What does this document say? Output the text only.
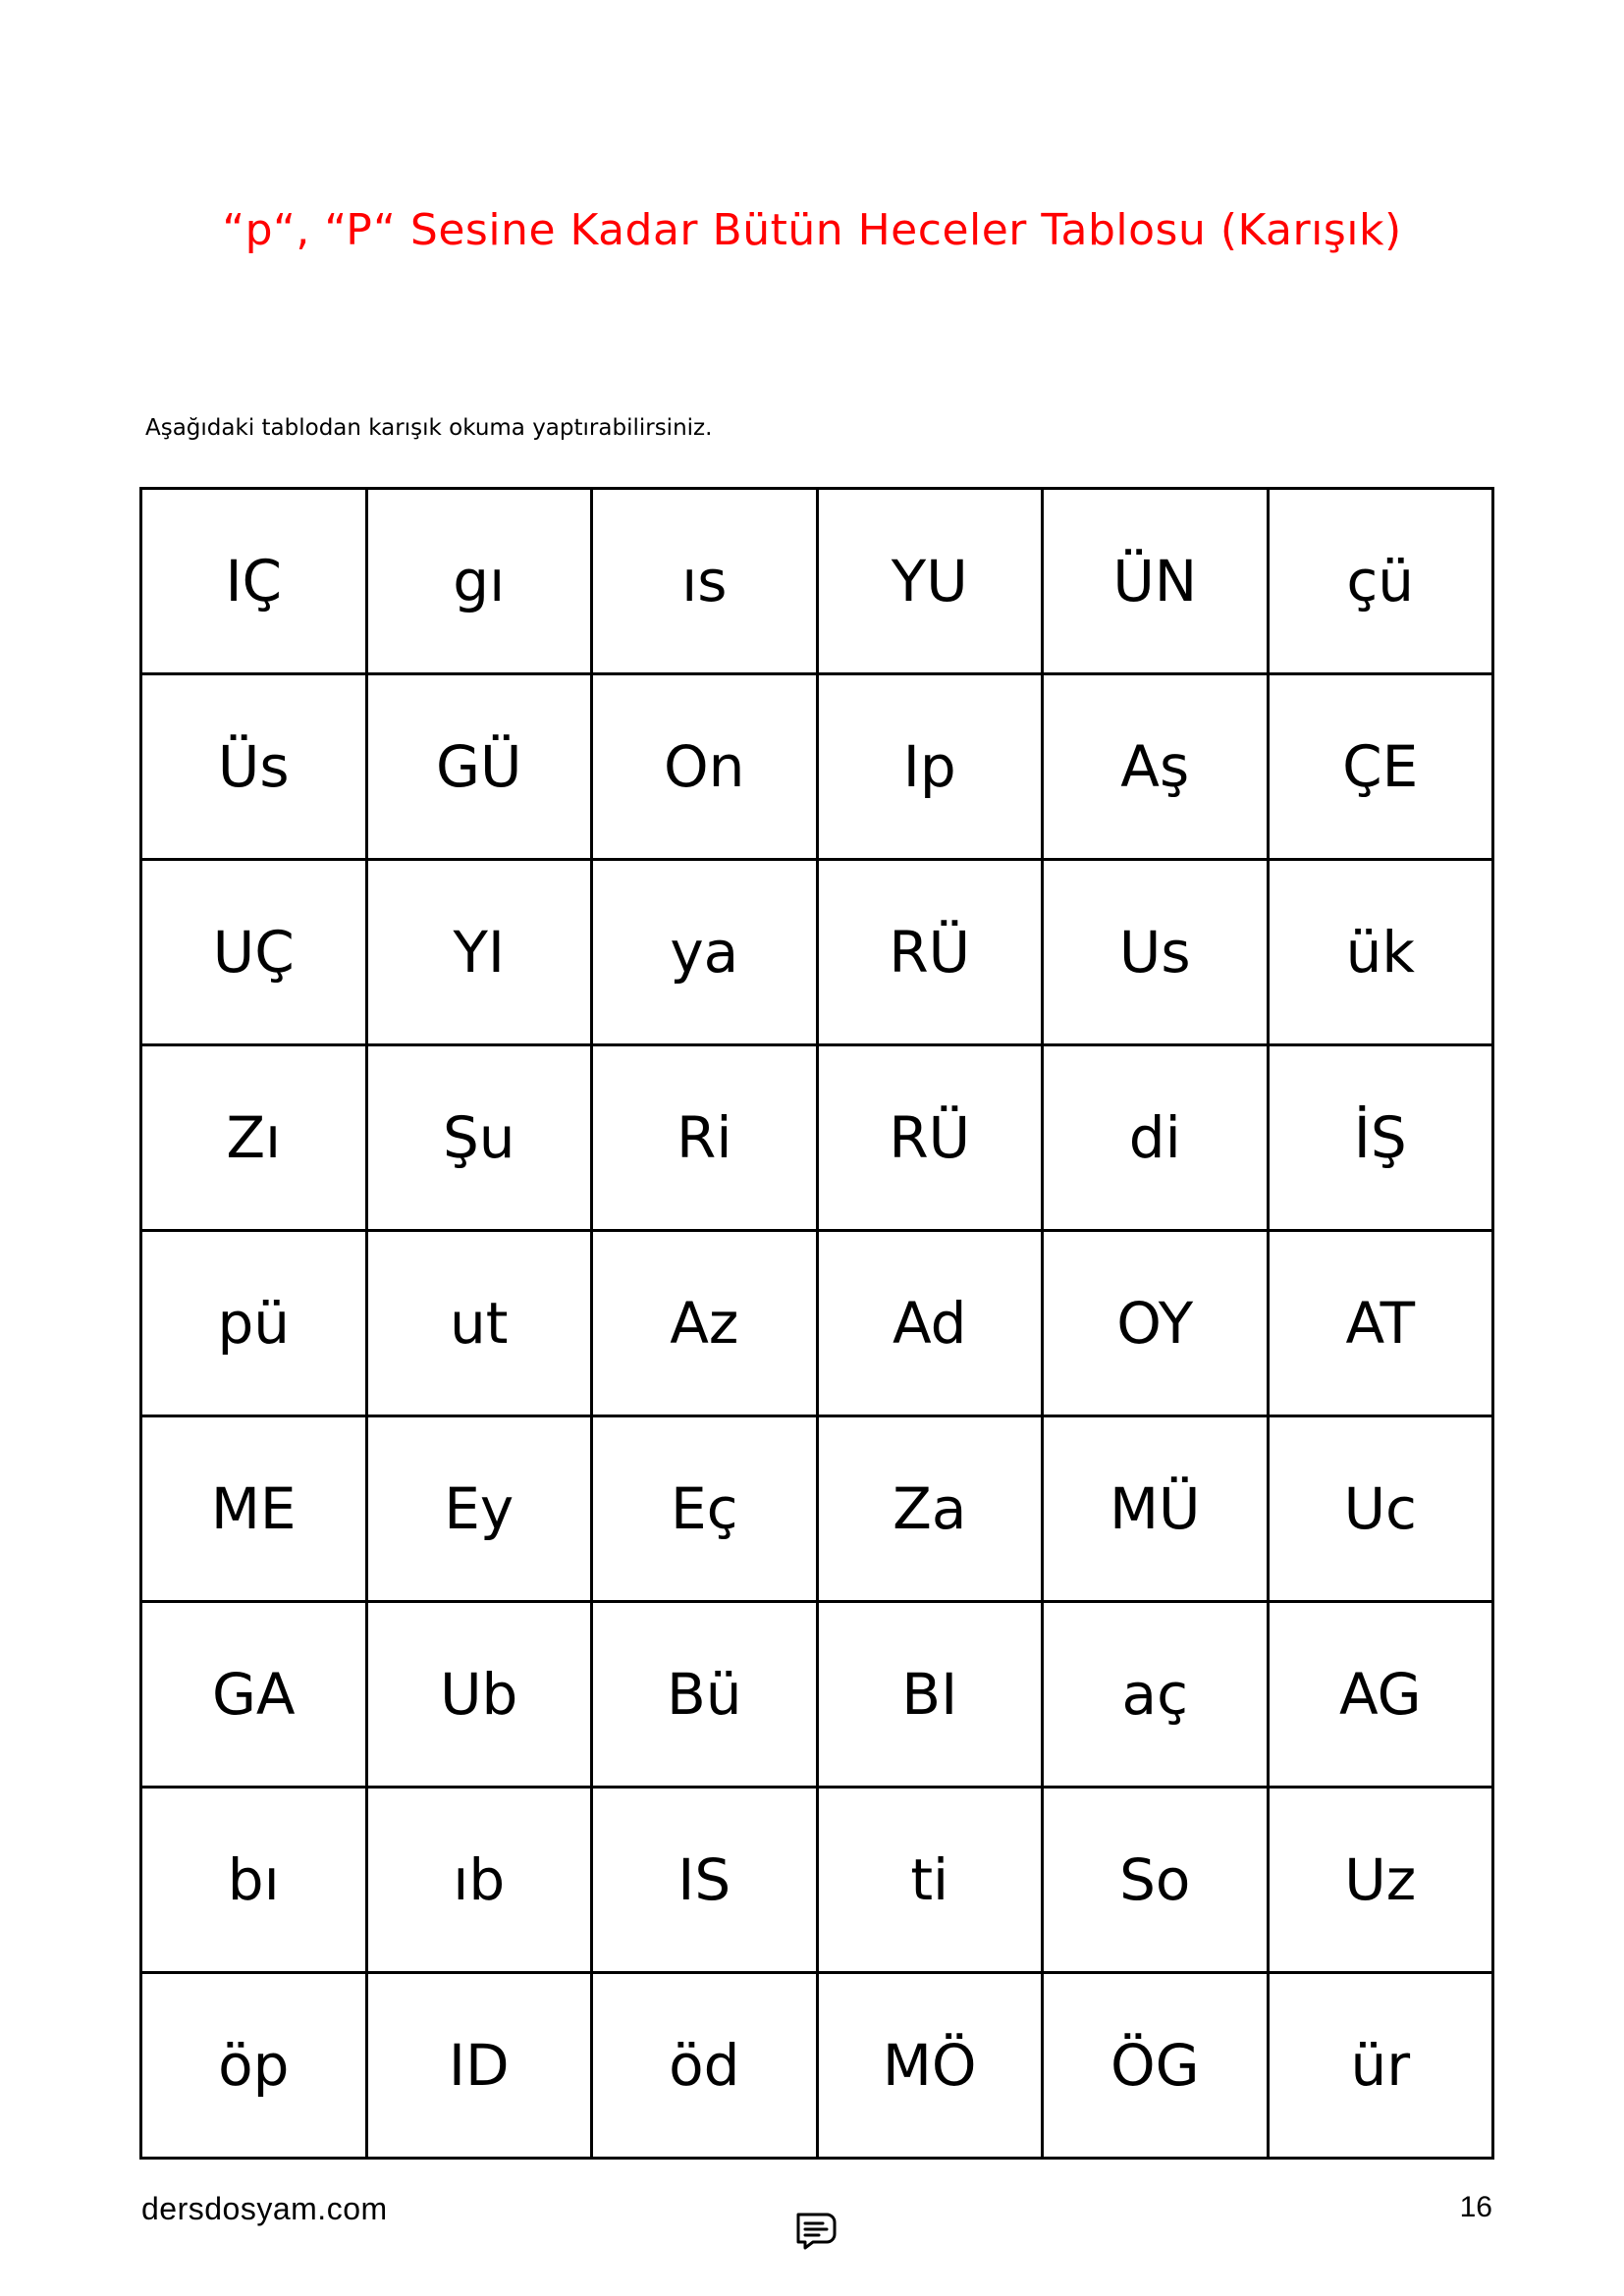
“p“, “P“ Sesine Kadar Bütün Heceler Tablosu (Karışık)
Aşağıdaki tablodan karışık okuma yaptırabilirsiniz.
IÇ	gı	ıs	YU	ÜN	çü
Üs	GÜ	On	Ip	Aş	ÇE
UÇ	YI	ya	RÜ	Us	ük
Zı	Şu	Ri	RÜ	di	İŞ
pü	ut	Az	Ad	OY	AT
ME	Ey	Eç	Za	MÜ	Uc
GA	Ub	Bü	BI	aç	AG
bı	ıb	IS	ti	So	Uz
öp	ID	öd	MÖ	ÖG	ür
dersdosyam.com	16
